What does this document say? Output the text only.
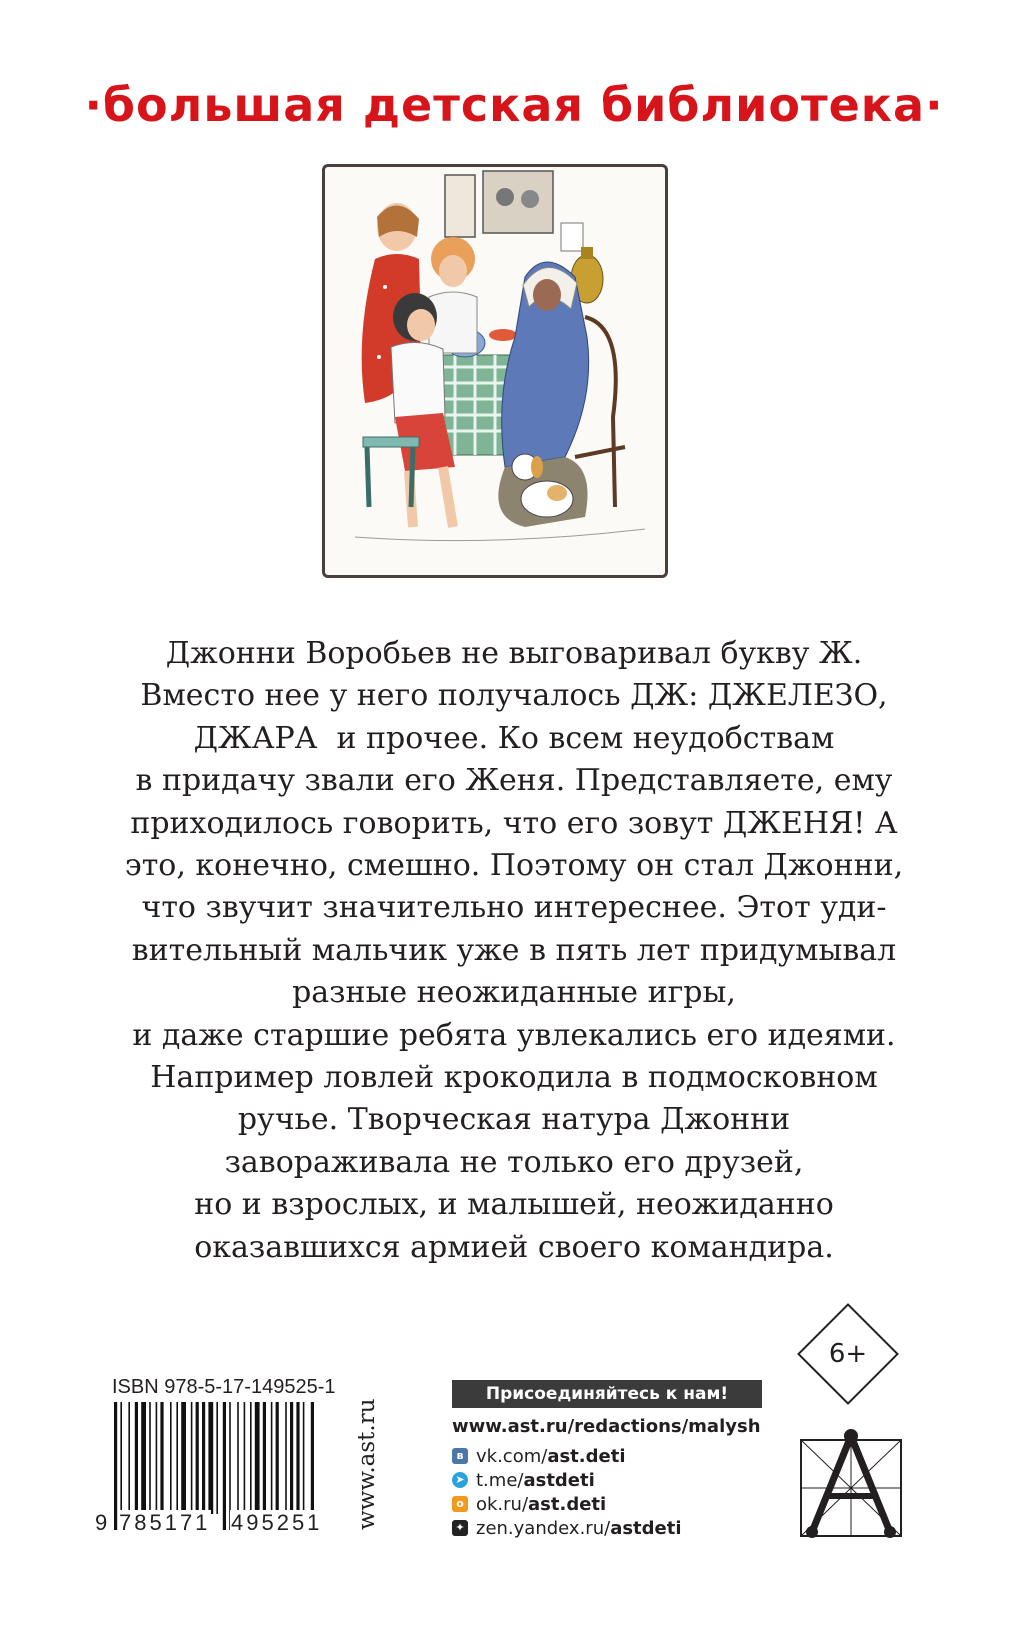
·большая детская библиотека·
Джонни Воробьев не выговаривал букву Ж.
Вместо нее у него получалось ДЖ: ДЖЕЛЕЗО,
ДЖАРА  и прочее. Ко всем неудобствам
в придачу звали его Женя. Представляете, ему
приходилось говорить, что его зовут ДЖЕНЯ! А
это, конечно, смешно. Поэтому он стал Джонни,
что звучит значительно интереснее. Этот уди-
вительный мальчик уже в пять лет придумывал
разные неожиданные игры,
и даже старшие ребята увлекались его идеями.
Например ловлей крокодила в подмосковном
ручье. Творческая натура Джонни
завораживала не только его друзей,
но и взрослых, и малышей, неожиданно
оказавшихся армией своего командира.
ISBN 978-5-17-149525-1
9 785171 495251 www.ast.ru
Присоединяйтесь к нам!
www.ast.ru/redactions/malysh
в vk.com/ ast.deti
➤ t.me/ astdeti
о ok.ru/ ast.deti
✦ zen.yandex.ru/ astdeti
6+
